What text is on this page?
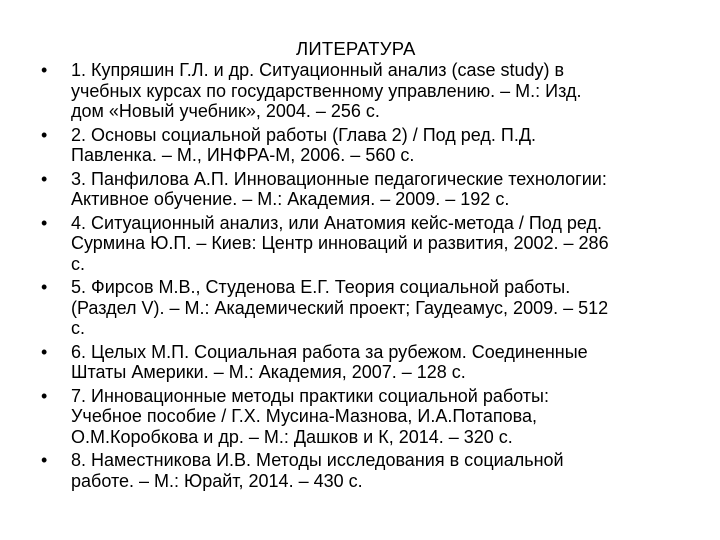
ЛИТЕРАТУРА
• 1. Купряшин Г.Л. и др. Ситуационный анализ (case study) в
учебных курсах по государственному управлению. – М.: Изд.
дом «Новый учебник», 2004. – 256 с.
• 2. Основы социальной работы (Глава 2) / Под ред. П.Д.
Павленка. – М., ИНФРА-М, 2006. – 560 с.
• 3. Панфилова А.П. Инновационные педагогические технологии:
Активное обучение. – М.: Академия. – 2009. – 192 с.
• 4. Ситуационный анализ, или Анатомия кейс-метода / Под ред.
Сурмина Ю.П. – Киев: Центр инноваций и развития, 2002. – 286
с.
• 5. Фирсов М.В., Студенова Е.Г. Теория социальной работы.
(Раздел V). – М.: Академический проект; Гаудеамус, 2009. – 512
с.
• 6. Целых М.П. Социальная работа за рубежом. Соединенные
Штаты Америки. – М.: Академия, 2007. – 128 с.
• 7. Инновационные методы практики социальной работы:
Учебное пособие / Г.Х. Мусина-Мазнова, И.А.Потапова,
О.М.Коробкова и др. – М.: Дашков и К, 2014. – 320 с.
• 8. Наместникова И.В. Методы исследования в социальной
работе. – М.: Юрайт, 2014. – 430 с.
